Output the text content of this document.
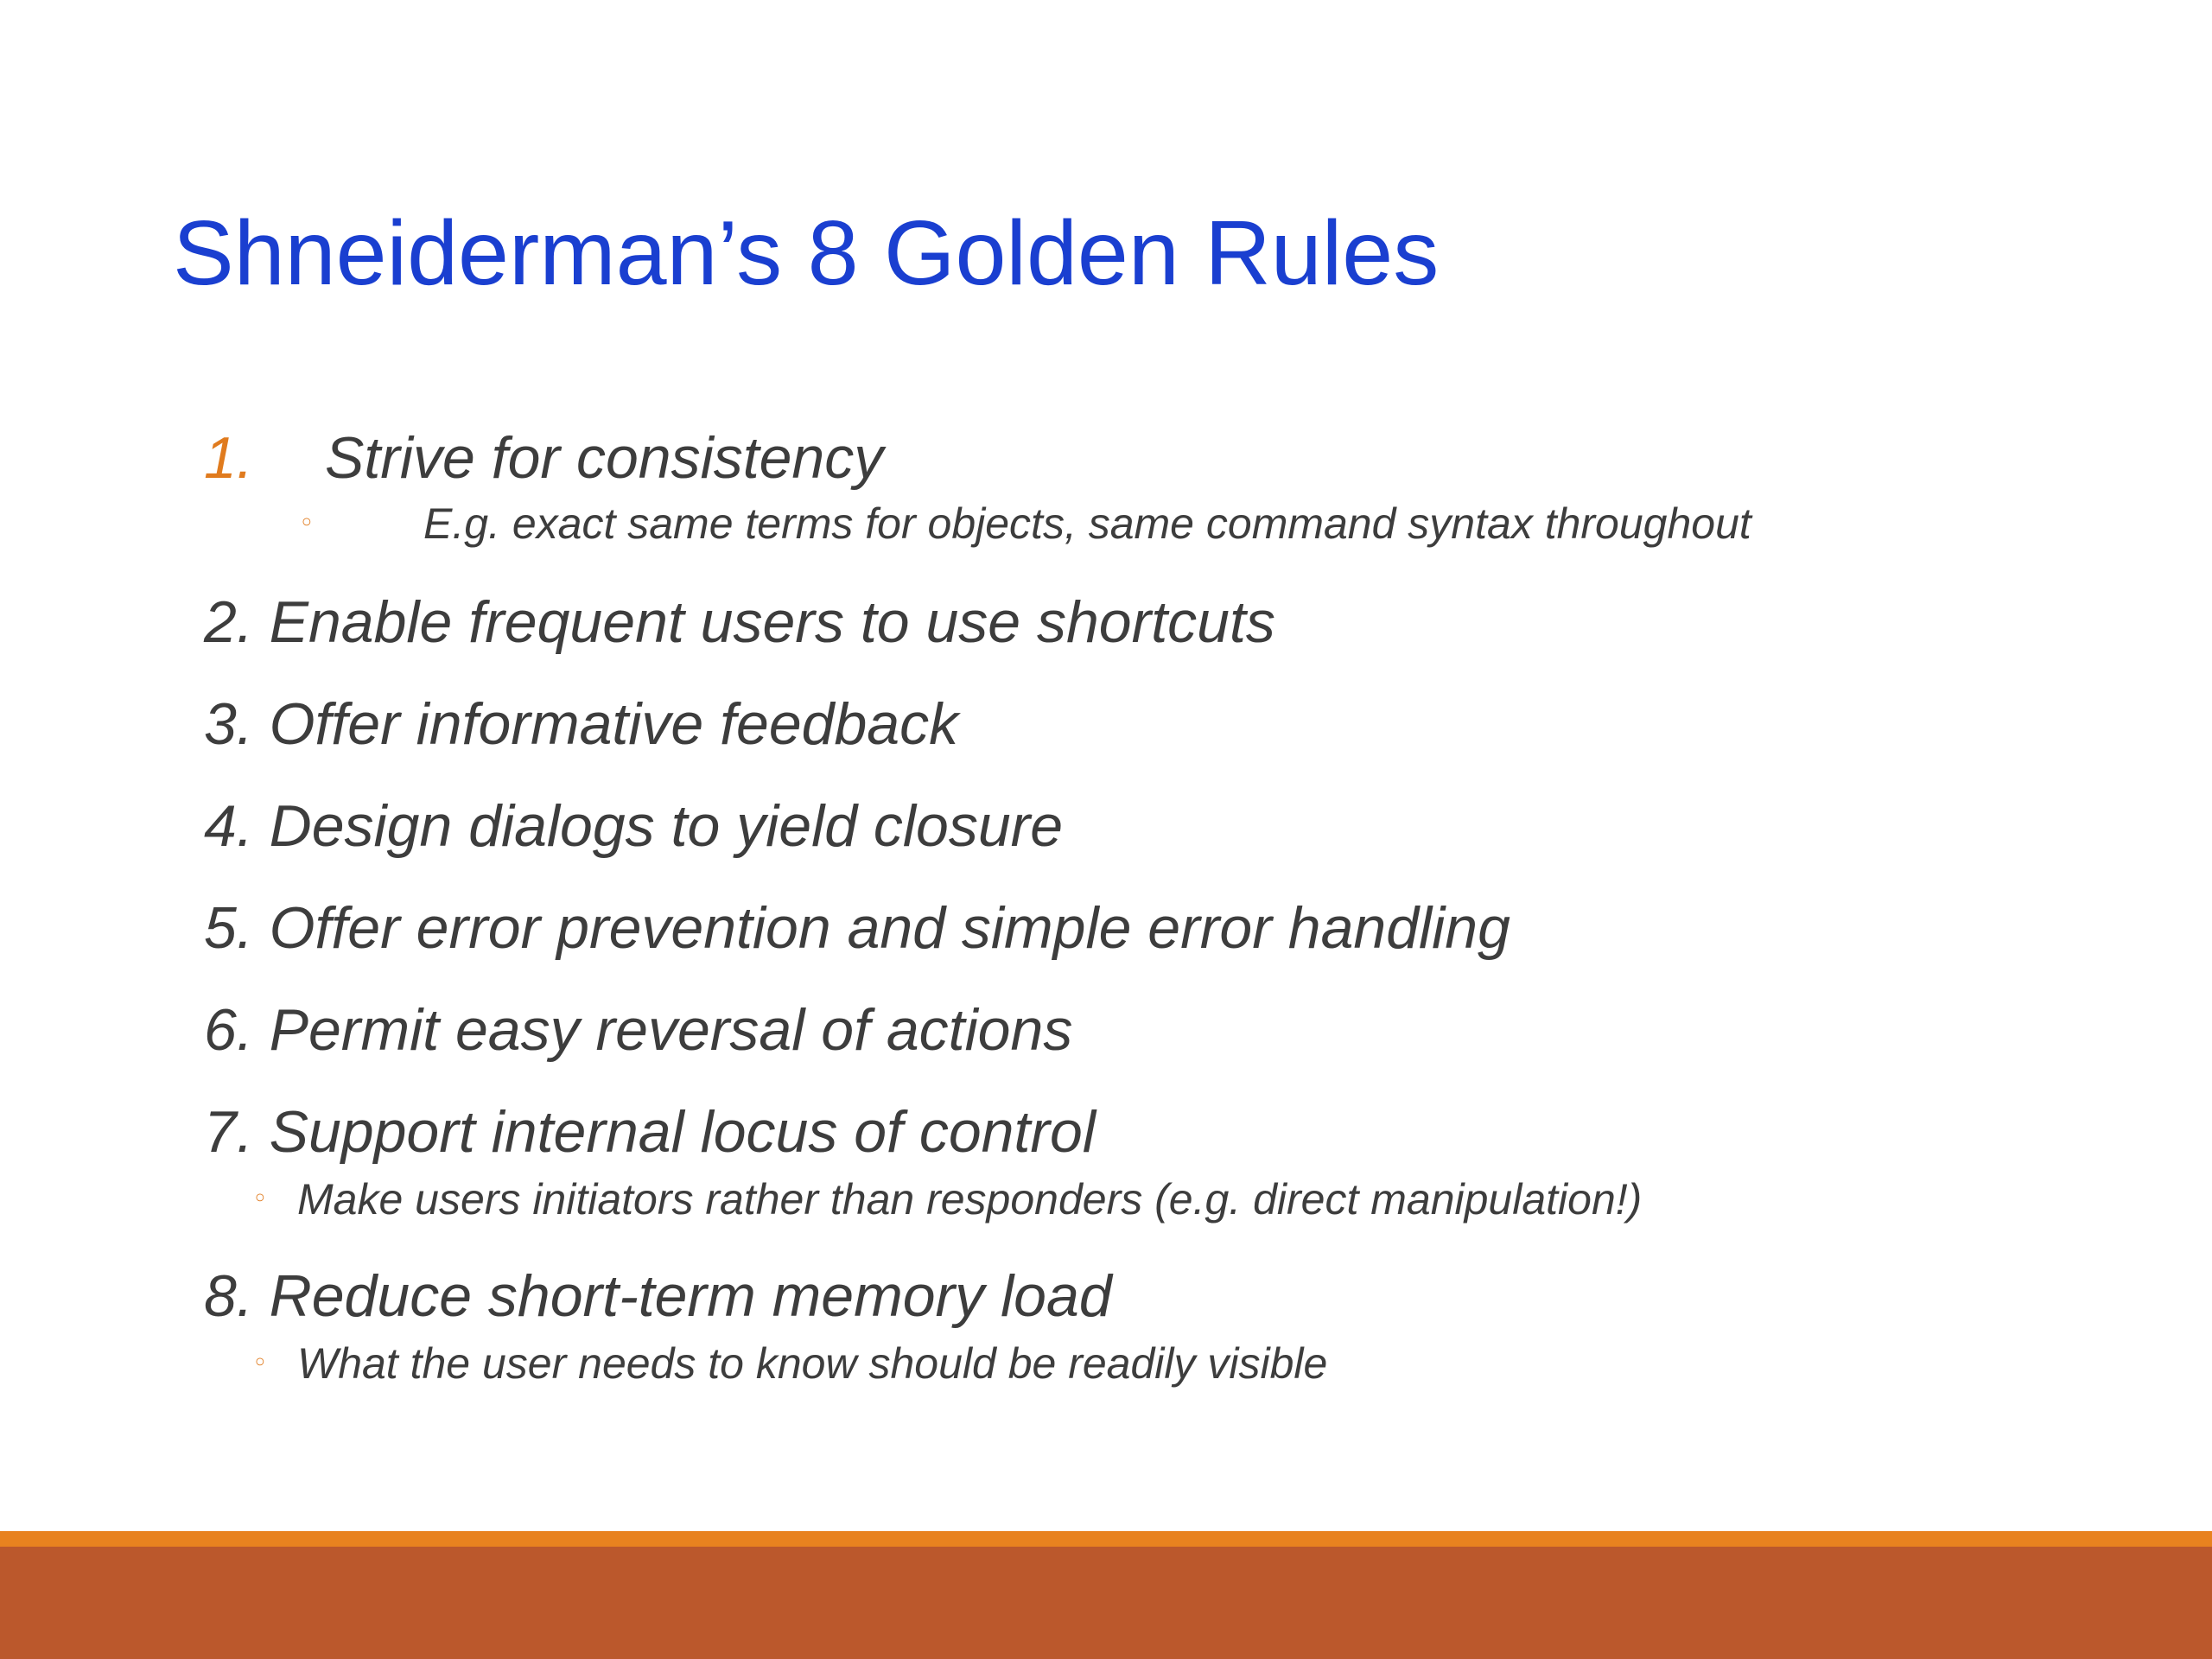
Shneiderman’s 8 Golden Rules
1. Strive for consistency
◦	E.g. exact same terms for objects, same command syntax throughout
2. Enable frequent users to use shortcuts
3. Offer informative feedback
4. Design dialogs to yield closure
5. Offer error prevention and simple error handling
6. Permit easy reversal of actions
7. Support internal locus of control
◦ Make users initiators rather than responders (e.g. direct manipulation!)
8. Reduce short-term memory load
◦ What the user needs to know should be readily visible
